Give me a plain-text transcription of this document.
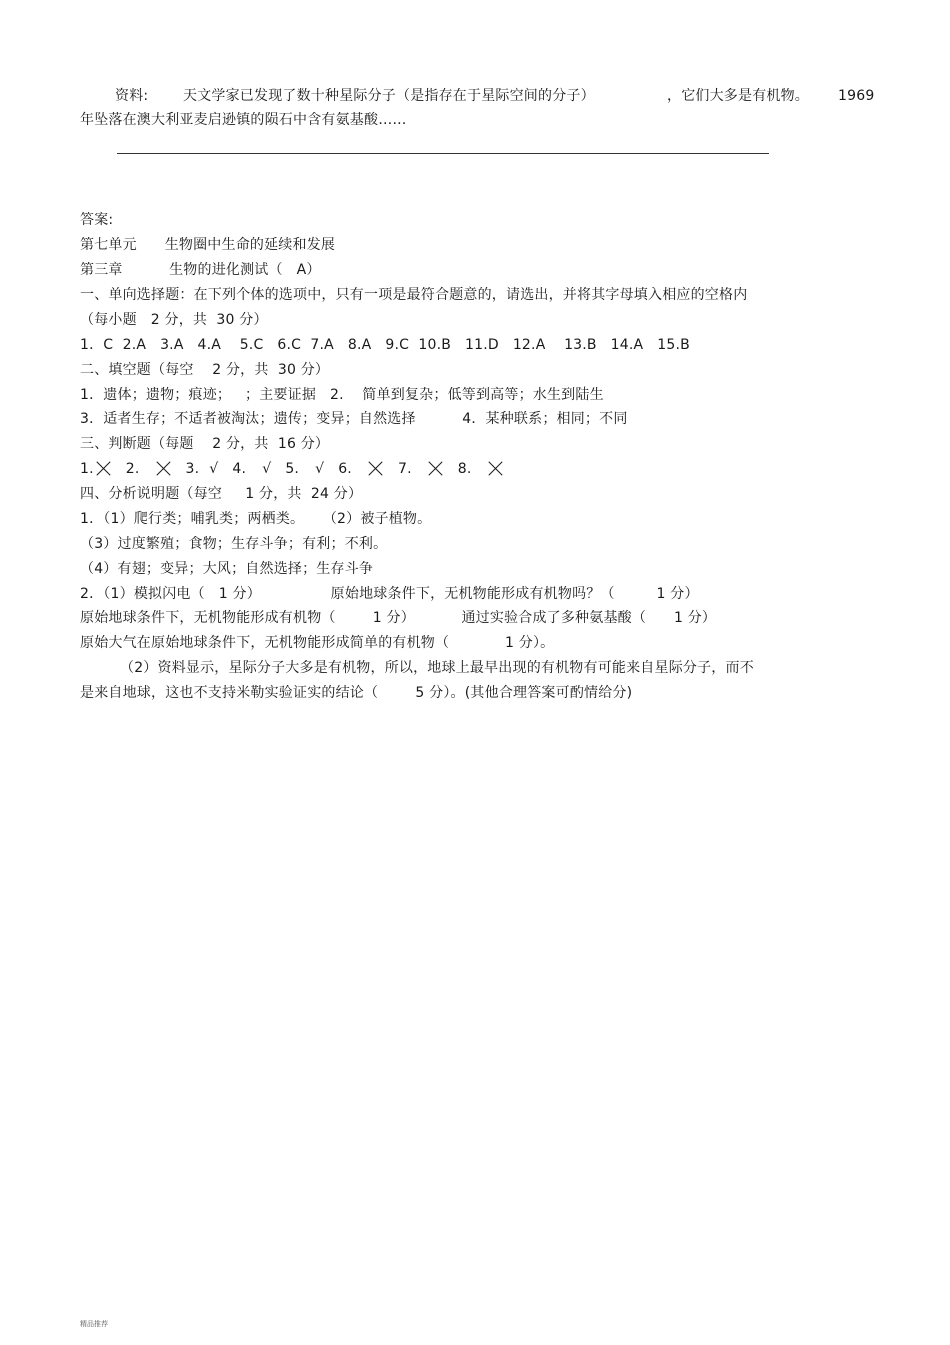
资料: 天文学家已发现了数十种星际分子（是指存在于星际空间的分子）	，它们大多是有机物。 1969
年坠落在澳大利亚麦启逊镇的陨石中含有氨基酸……
答案:
第七单元      生物圈中生命的延续和发展
第三章          生物的进化测试（   A）
一、单向选择题：在下列个体的选项中，只有一项是最符合题意的，请选出，并将其字母填入相应的空格内
（每小题   2 分，共  30 分）
1．C  2.A   3.A   4.A    5.C   6.C  7.A   8.A   9.C  10.B   11.D   12.A    13.B   14.A   15.B
二、填空题（每空    2 分，共  30 分）
1．遗体；遗物；痕迹；   ；主要证据   2.    简单到复杂；低等到高等；水生到陆生
3．适者生存；不适者被淘汰；遗传；变异；自然选择          4．某种联系；相同；不同
三、判断题（每题    2 分，共  16 分）
1. 2.	3. √ 4. √ 5. √ 6.	7.	8.
四、分析说明题（每空     1 分，共  24 分）
1．（1）爬行类；哺乳类；两栖类。    （2）被子植物。
（3）过度繁殖；食物；生存斗争；有利；不利。
（4）有翅；变异；大风；自然选择；生存斗争
2．（1）模拟闪电（   1 分）               原始地球条件下，无机物能形成有机物吗？（         1 分）
原始地球条件下，无机物能形成有机物（        1 分）          通过实验合成了多种氨基酸（      1 分）
原始大气在原始地球条件下，无机物能形成简单的有机物（            1 分）。
（2）资料显示，星际分子大多是有机物，所以，地球上最早出现的有机物有可能来自星际分子，而不
是来自地球，这也不支持米勒实验证实的结论（        5 分）。(其他合理答案可酌情给分)
精品推荐
